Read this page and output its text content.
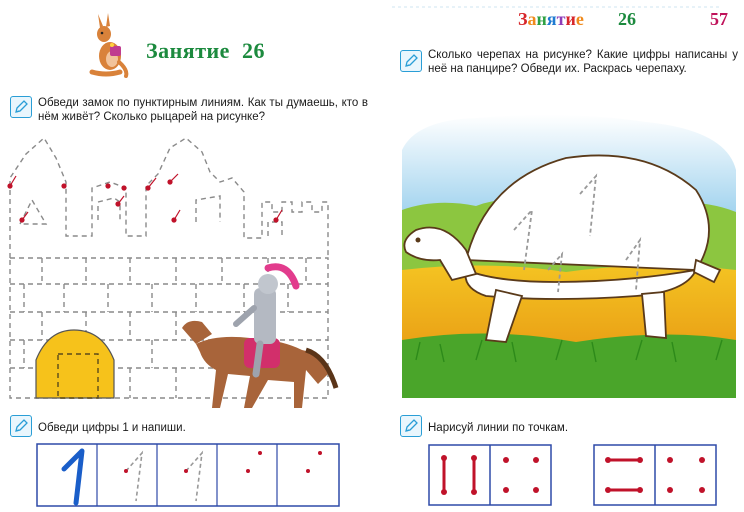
Занятие 26
Обведи замок по пунктирным линиям. Как ты думаешь, кто в нём живёт? Сколько рыцарей на рисунке?
Обведи цифры 1 и напиши.
Занятие 26	57
Сколько черепах на рисунке? Какие цифры написаны у неё на панцире? Обведи их. Раскрась черепаху.
Нарисуй линии по точкам.
